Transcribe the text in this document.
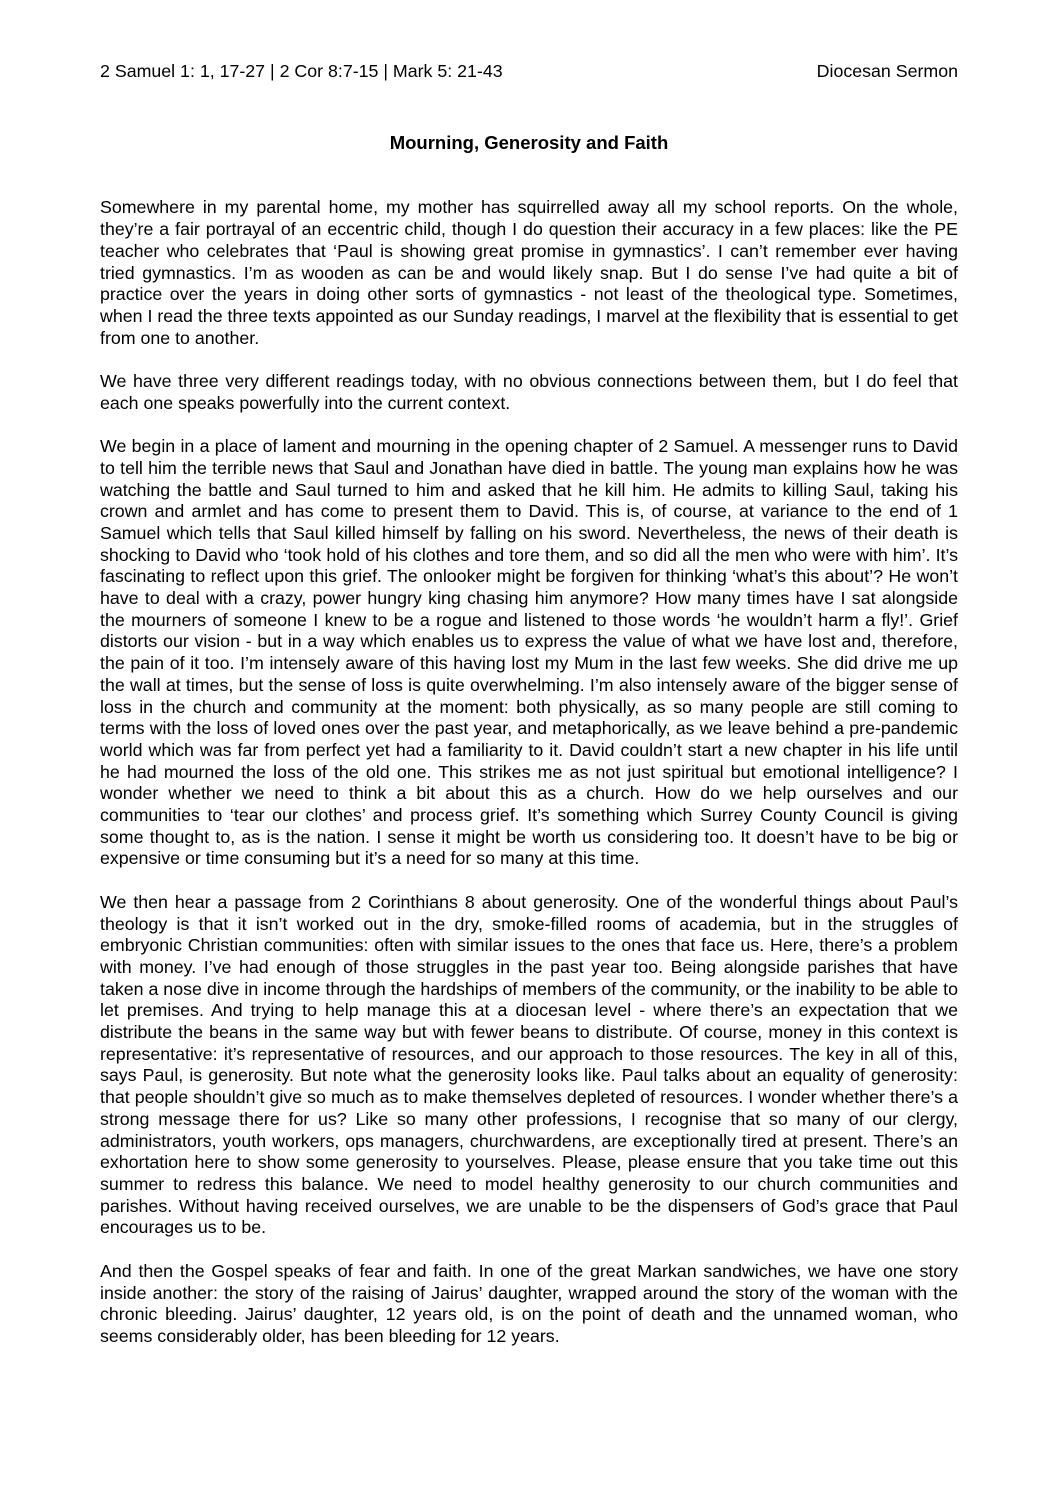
2 Samuel 1: 1, 17-27 | 2 Cor 8:7-15 | Mark 5: 21-43	Diocesan Sermon
Mourning, Generosity and Faith

Somewhere in my parental home, my mother has squirrelled away all my school reports. On the whole, they’re a fair portrayal of an eccentric child, though I do question their accuracy in a few places: like the PE teacher who celebrates that ‘Paul is showing great promise in gymnastics’. I can’t remember ever having tried gymnastics. I’m as wooden as can be and would likely snap. But I do sense I’ve had quite a bit of practice over the years in doing other sorts of gymnastics - not least of the theological type. Sometimes, when I read the three texts appointed as our Sunday readings, I marvel at the flexibility that is essential to get from one to another.

We have three very different readings today, with no obvious connections between them, but I do feel that each one speaks powerfully into the current context.

We begin in a place of lament and mourning in the opening chapter of 2 Samuel. A messenger runs to David to tell him the terrible news that Saul and Jonathan have died in battle. The young man explains how he was watching the battle and Saul turned to him and asked that he kill him. He admits to killing Saul, taking his crown and armlet and has come to present them to David. This is, of course, at variance to the end of 1 Samuel which tells that Saul killed himself by falling on his sword. Nevertheless, the news of their death is shocking to David who ‘took hold of his clothes and tore them, and so did all the men who were with him’. It’s fascinating to reflect upon this grief. The onlooker might be forgiven for thinking ‘what’s this about’? He won’t have to deal with a crazy, power hungry king chasing him anymore? How many times have I sat alongside the mourners of someone I knew to be a rogue and listened to those words ‘he wouldn’t harm a fly!’. Grief distorts our vision - but in a way which enables us to express the value of what we have lost and, therefore, the pain of it too. I’m intensely aware of this having lost my Mum in the last few weeks. She did drive me up the wall at times, but the sense of loss is quite overwhelming. I’m also intensely aware of the bigger sense of loss in the church and community at the moment: both physically, as so many people are still coming to terms with the loss of loved ones over the past year, and metaphorically, as we leave behind a pre-pandemic world which was far from perfect yet had a familiarity to it. David couldn’t start a new chapter in his life until he had mourned the loss of the old one. This strikes me as not just spiritual but emotional intelligence? I wonder whether we need to think a bit about this as a church. How do we help ourselves and our communities to ‘tear our clothes’ and process grief. It’s something which Surrey County Council is giving some thought to, as is the nation. I sense it might be worth us considering too. It doesn’t have to be big or expensive or time consuming but it’s a need for so many at this time.

We then hear a passage from 2 Corinthians 8 about generosity. One of the wonderful things about Paul’s theology is that it isn’t worked out in the dry, smoke-filled rooms of academia, but in the struggles of embryonic Christian communities: often with similar issues to the ones that face us. Here, there’s a problem with money. I’ve had enough of those struggles in the past year too. Being alongside parishes that have taken a nose dive in income through the hardships of members of the community, or the inability to be able to let premises. And trying to help manage this at a diocesan level - where there’s an expectation that we distribute the beans in the same way but with fewer beans to distribute. Of course, money in this context is representative: it’s representative of resources, and our approach to those resources. The key in all of this, says Paul, is generosity. But note what the generosity looks like. Paul talks about an equality of generosity: that people shouldn’t give so much as to make themselves depleted of resources. I wonder whether there’s a strong message there for us? Like so many other professions, I recognise that so many of our clergy, administrators, youth workers, ops managers, churchwardens, are exceptionally tired at present. There’s an exhortation here to show some generosity to yourselves. Please, please ensure that you take time out this summer to redress this balance. We need to model healthy generosity to our church communities and parishes. Without having received ourselves, we are unable to be the dispensers of God’s grace that Paul encourages us to be.

And then the Gospel speaks of fear and faith. In one of the great Markan sandwiches, we have one story inside another: the story of the raising of Jairus’ daughter, wrapped around the story of the woman with the chronic bleeding. Jairus’ daughter, 12 years old, is on the point of death and the unnamed woman, who seems considerably older, has been bleeding for 12 years.
